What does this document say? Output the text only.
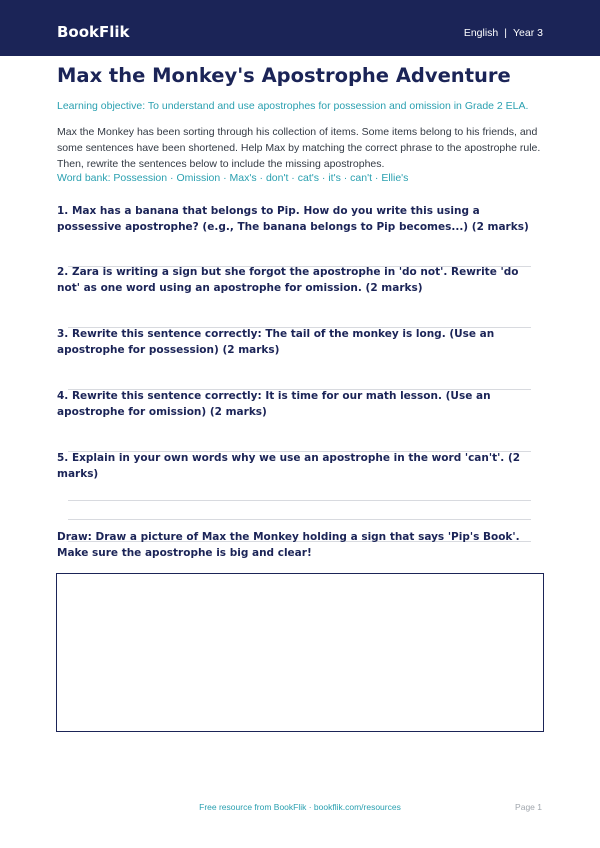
BookFlik	English | Year 3
Max the Monkey's Apostrophe Adventure
Learning objective: To understand and use apostrophes for possession and omission in Grade 2 ELA.

Max the Monkey has been sorting through his collection of items. Some items belong to his friends, and some sentences have been shortened. Help Max by matching the correct phrase to the apostrophe rule. Then, rewrite the sentences below to include the missing apostrophes.

Word bank: Possession · Omission · Max's · don't · cat's · it's · can't · Ellie's

1. Max has a banana that belongs to Pip. How do you write this using a possessive apostrophe? (e.g., The banana belongs to Pip becomes...) (2 marks)

2. Zara is writing a sign but she forgot the apostrophe in 'do not'. Rewrite 'do not' as one word using an apostrophe for omission. (2 marks)

3. Rewrite this sentence correctly: The tail of the monkey is long. (Use an apostrophe for possession) (2 marks)

4. Rewrite this sentence correctly: It is time for our math lesson. (Use an apostrophe for omission) (2 marks)

5. Explain in your own words why we use an apostrophe in the word 'can't'. (2 marks)

Draw: Draw a picture of Max the Monkey holding a sign that says 'Pip's Book'. Make sure the apostrophe is big and clear!

Free resource from BookFlik · bookflik.com/resources	Page 1
